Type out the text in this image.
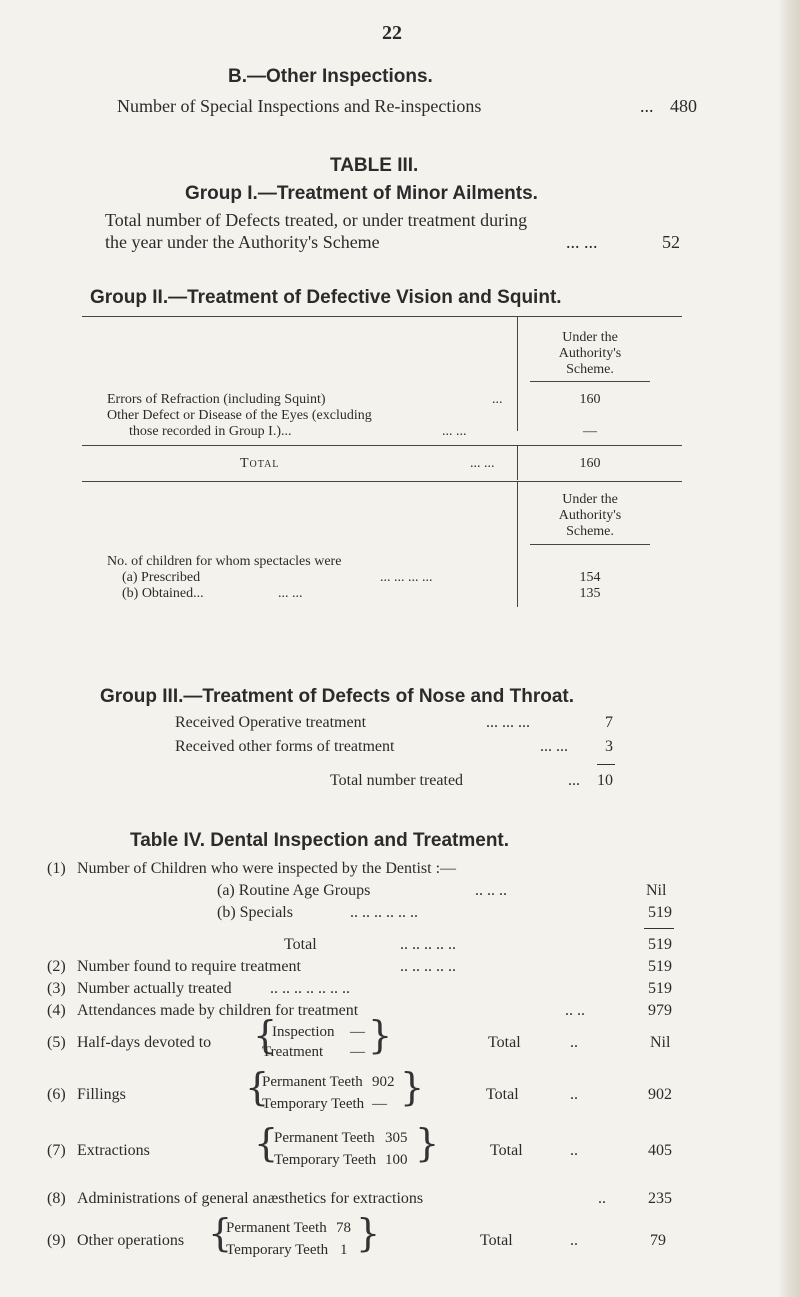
22
B.—Other Inspections.
Number of Special Inspections and Re-inspections	... 480
TABLE III.
Group I.—Treatment of Minor Ailments.
Total number of Defects treated, or under treatment during
the year under the Authority's Scheme	... ...	52
Group II.—Treatment of Defective Vision and Squint.
Under the
Authority's
Scheme.
Errors of Refraction (including Squint)	...	160
Other Defect or Disease of the Eyes (excluding
those recorded in Group I.)...	... ...	—
Total	... ...	160
Under the
Authority's
Scheme.
No. of children for whom spectacles were
(a) Prescribed	... ... ... ...	154
(b) Obtained...	... ...	135
Group III.—Treatment of Defects of Nose and Throat.
Received Operative treatment	... ... ...	7
Received other forms of treatment	... ... 3
Total number treated	... 10
Table IV. Dental Inspection and Treatment.
(1) Number of Children who were inspected by the Dentist :—
(a) Routine Age Groups	.. .. ..	Nil
(b) Specials	.. .. .. .. .. ..	519
Total	.. .. .. .. ..	519
(2) Number found to require treatment	.. .. .. .. ..	519
(3) Number actually treated .. .. .. .. .. .. ..	519
(4) Attendances made by children for treatment	.. ..	979
(5) Half-days devoted to {
Inspection —
Treatment — }	Total	..	Nil
(6) Fillings	{
Permanent Teeth 902
Temporary Teeth — }	Total	..	902
(7) Extractions	{
Permanent Teeth 305
Temporary Teeth 100 }	Total	..	405
(8) Administrations of general anæsthetics for extractions	..	235
(9) Other operations {
Permanent Teeth 78
Temporary Teeth 1 }	Total	..	79
